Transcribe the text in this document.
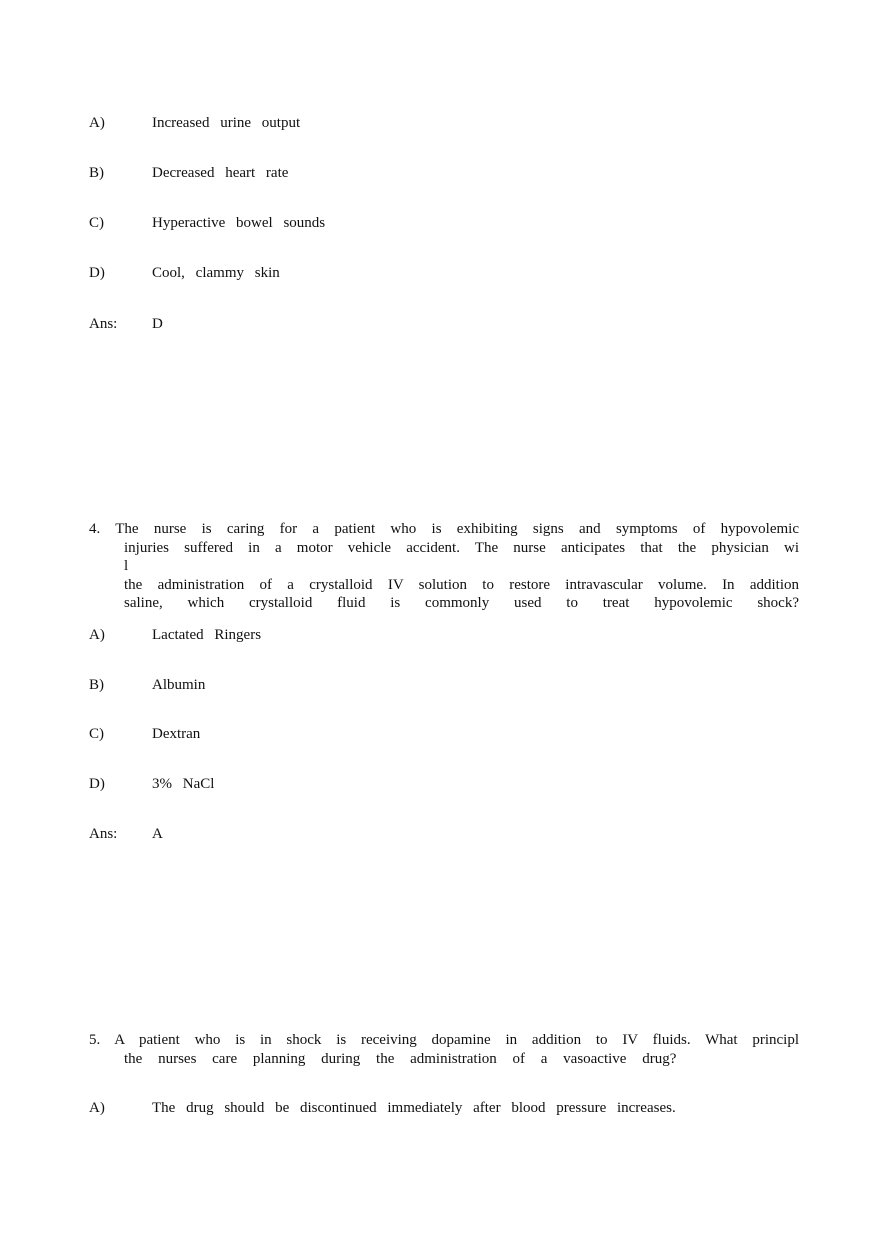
A)	Increased urine output
B)	Decreased heart rate
C)	Hyperactive bowel sounds
D)	Cool, clammy skin
Ans: D
4. The nurse is caring for a patient who is exhibiting signs and symptoms of hypovolemic
injuries suffered in a motor vehicle accident. The nurse anticipates that the physician wi
l
the administration of a crystalloid IV solution to restore intravascular volume. In addition
saline, which crystalloid fluid is commonly used to treat hypovolemic shock?
A)	Lactated Ringers
B)	Albumin
C)	Dextran
D)	3% NaCl
Ans: A
5. A patient who is in shock is receiving dopamine in addition to IV fluids. What principl
the nurses care planning during the administration of a vasoactive drug?
A)	The drug should be discontinued immediately after blood pressure increases.
